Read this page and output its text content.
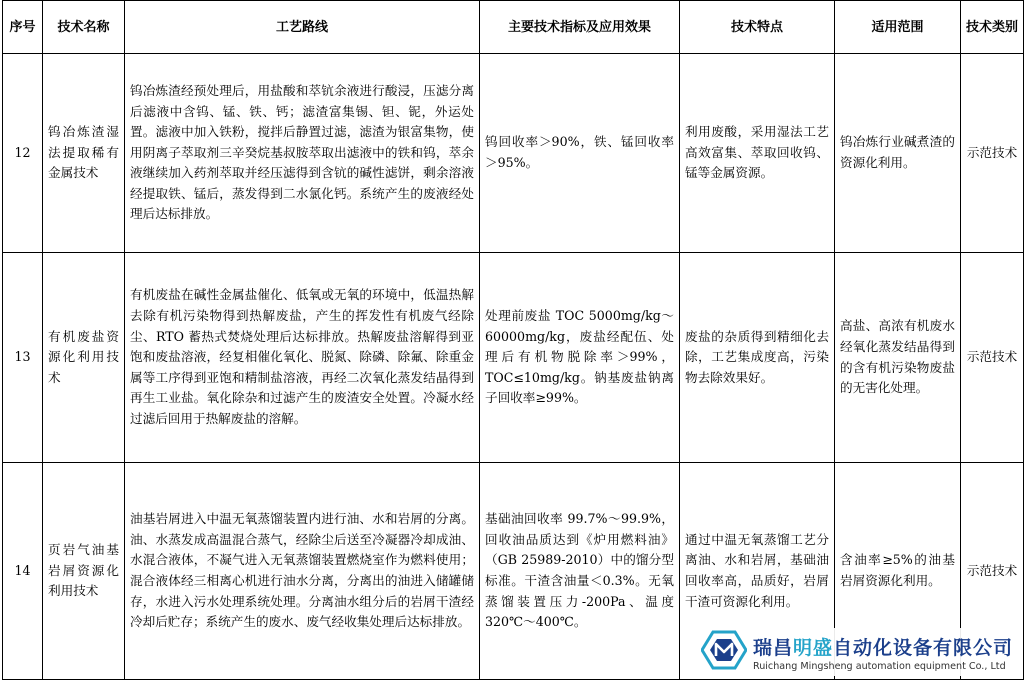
序号	技术名称	工艺路线	主要技术指标及应用效果	技术特点	适用范围	技术类别
12	钨冶炼渣湿法提取稀有金属技术	钨冶炼渣经预处理后，用盐酸和萃钪余液进行酸浸，压滤分离后滤液中含钨、锰、铁、钙；滤渣富集锡、钽、铌，外运处置。滤液中加入铁粉，搅拌后静置过滤，滤渣为银富集物，使用阴离子萃取剂三辛癸烷基叔胺萃取出滤液中的铁和钨，萃余液继续加入药剂萃取并经压滤得到含钪的碱性滤饼，剩余溶液经提取铁、锰后，蒸发得到二水氯化钙。系统产生的废液经处理后达标排放。	钨回收率＞90%，铁、锰回收率＞95%。	利用废酸，采用湿法工艺高效富集、萃取回收钨、锰等金属资源。	钨冶炼行业碱煮渣的资源化利用。	示范技术
13	有机废盐资源化利用技术	有机废盐在碱性金属盐催化、低氧或无氧的环境中，低温热解去除有机污染物得到热解废盐，产生的挥发性有机废气经除尘、RTO 蓄热式焚烧处理后达标排放。热解废盐溶解得到亚饱和废盐溶液，经复相催化氧化、脱氮、除磷、除氟、除重金属等工序得到亚饱和精制盐溶液，再经二次氧化蒸发结晶得到再生工业盐。氧化除杂和过滤产生的废渣安全处置。冷凝水经过滤后回用于热解废盐的溶解。	处理前废盐 TOC 5000mg/kg～60000mg/kg，废盐经配伍、处理后有机物脱除率＞99%，TOC≤10mg/kg。钠基废盐钠离子回收率≥99%。	废盐的杂质得到精细化去除，工艺集成度高，污染物去除效果好。	高盐、高浓有机废水经氧化蒸发结晶得到的含有机污染物废盐的无害化处理。	示范技术
14	页岩气油基岩屑资源化利用技术	油基岩屑进入中温无氧蒸馏装置内进行油、水和岩屑的分离。油、水蒸发成高温混合蒸气，经除尘后送至冷凝器冷却成油、水混合液体，不凝气进入无氧蒸馏装置燃烧室作为燃料使用；混合液体经三相离心机进行油水分离，分离出的油进入储罐储存，水进入污水处理系统处理。分离油水组分后的岩屑干渣经冷却后贮存；系统产生的废水、废气经收集处理后达标排放。	基础油回收率 99.7%～99.9%，回收油品质达到《炉用燃料油》（GB 25989-2010）中的馏分型标准。干渣含油量＜0.3%。无氧蒸馏装置压力-200Pa、温度 320℃～400℃。	通过中温无氧蒸馏工艺分离油、水和岩屑，基础油回收率高，品质好，岩屑干渣可资源化利用。	含油率≥5%的油基岩屑资源化利用。	示范技术
瑞昌明盛自动化设备有限公司
Ruichang Mingsheng automation equipment Co., Ltd
